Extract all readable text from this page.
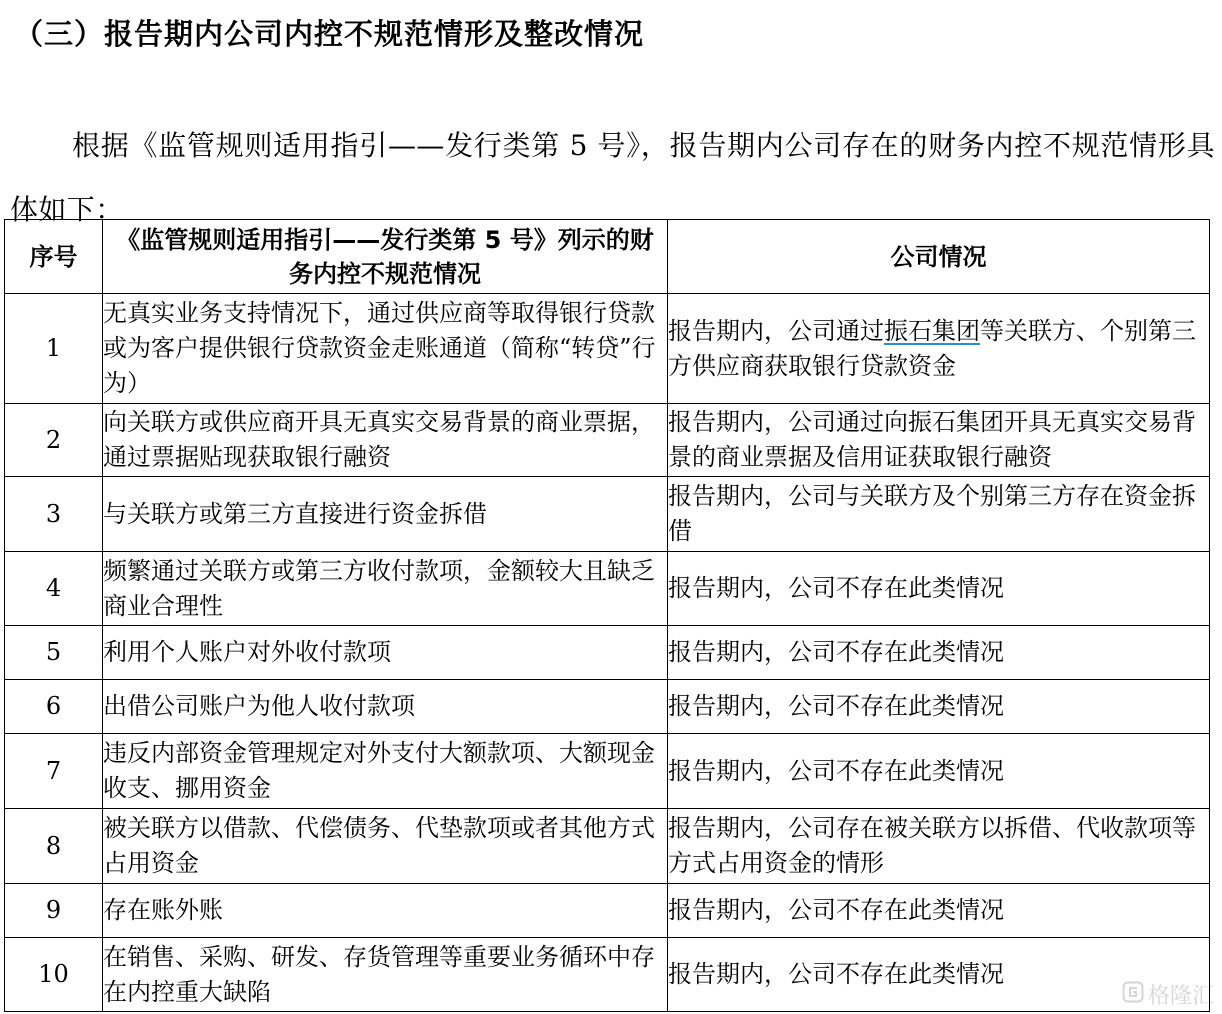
（三）报告期内公司内控不规范情形及整改情况

根据《监管规则适用指引——发行类第 5 号》，报告期内公司存在的财务内控不规范情形具体如下：

序号	《监管规则适用指引——发行类第 5 号》列示的财务内控不规范情况	公司情况
1	无真实业务支持情况下，通过供应商等取得银行贷款或为客户提供银行贷款资金走账通道（简称“转贷”行为）	报告期内，公司通过振石集团等关联方、个别第三方供应商获取银行贷款资金
2	向关联方或供应商开具无真实交易背景的商业票据，通过票据贴现获取银行融资	报告期内，公司通过向振石集团开具无真实交易背景的商业票据及信用证获取银行融资
3	与关联方或第三方直接进行资金拆借	报告期内，公司与关联方及个别第三方存在资金拆借
4	频繁通过关联方或第三方收付款项，金额较大且缺乏商业合理性	报告期内，公司不存在此类情况
5	利用个人账户对外收付款项	报告期内，公司不存在此类情况
6	出借公司账户为他人收付款项	报告期内，公司不存在此类情况
7	违反内部资金管理规定对外支付大额款项、大额现金收支、挪用资金	报告期内，公司不存在此类情况
8	被关联方以借款、代偿债务、代垫款项或者其他方式占用资金	报告期内，公司存在被关联方以拆借、代收款项等方式占用资金的情形
9	存在账外账	报告期内，公司不存在此类情况
10	在销售、采购、研发、存货管理等重要业务循环中存在内控重大缺陷	报告期内，公司不存在此类情况
格隆汇
